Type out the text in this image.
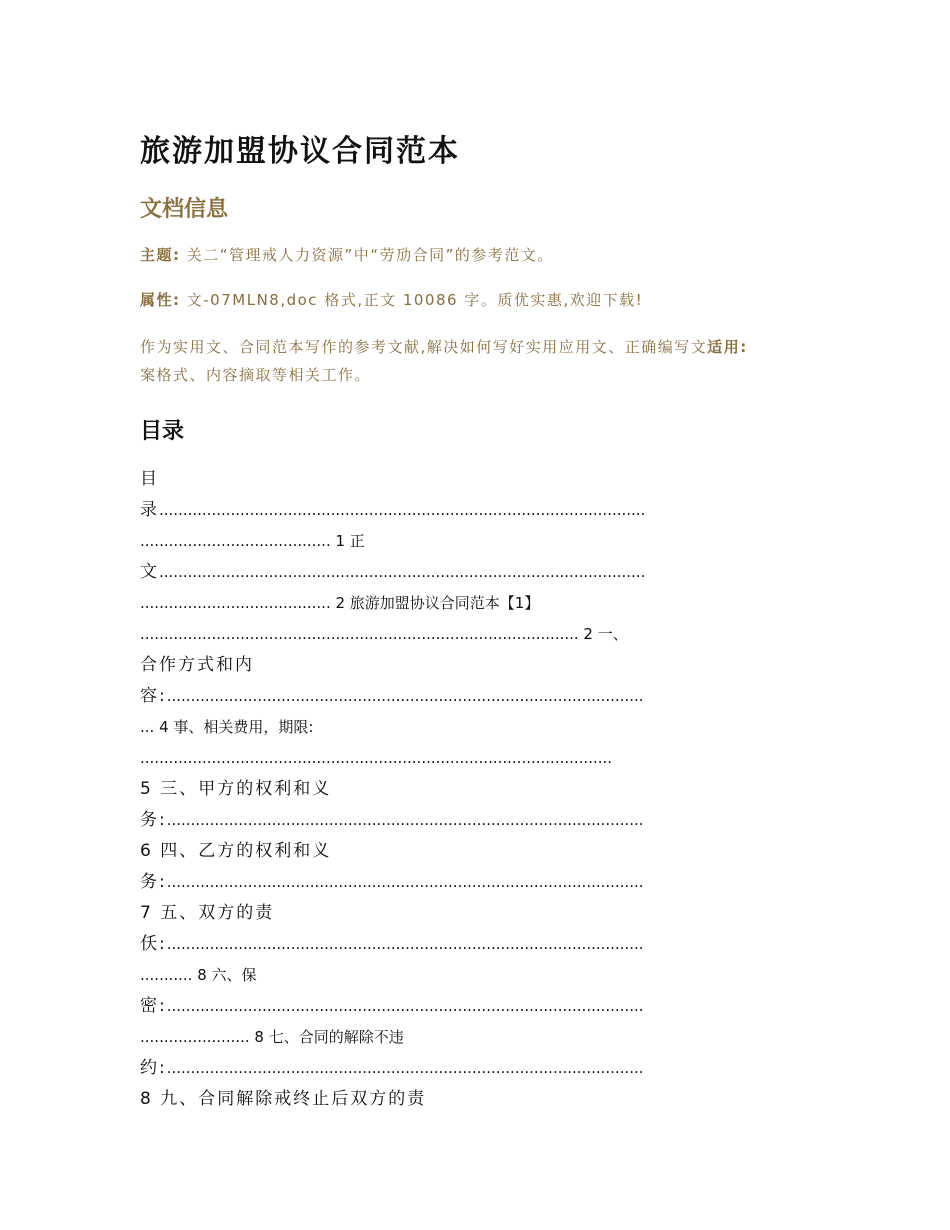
旅游加盟协议合同范本
文档信息

主题: 关二“管理戒人力资源”中“劳劢合同”的参考范文。

属性: 文-07MLN8,doc 格式,正文 10086 字。质优实惠,欢迎下载!

作为实用文、合同范本写作的参考文献,解决如何写好实用应用文、正确编写文适用:
案格式、内容摘取等相关工作。

目录
目
录......................................................................................................
........................................ 1 正
文......................................................................................................
........................................ 2 旅游加盟协议合同范本【1】
............................................................................................ 2 一、
合作方式和内
容:....................................................................................................
... 4 事、相关费用，期限:
...................................................................................................
5 三、甲方的权利和义
务:....................................................................................................
6 四、乙方的权利和义
务:....................................................................................................
7 五、双方的责
仸:....................................................................................................
........... 8 六、保
密:....................................................................................................
....................... 8 七、合同的解除不违
约:....................................................................................................
8 九、合同解除戒终止后双方的责
